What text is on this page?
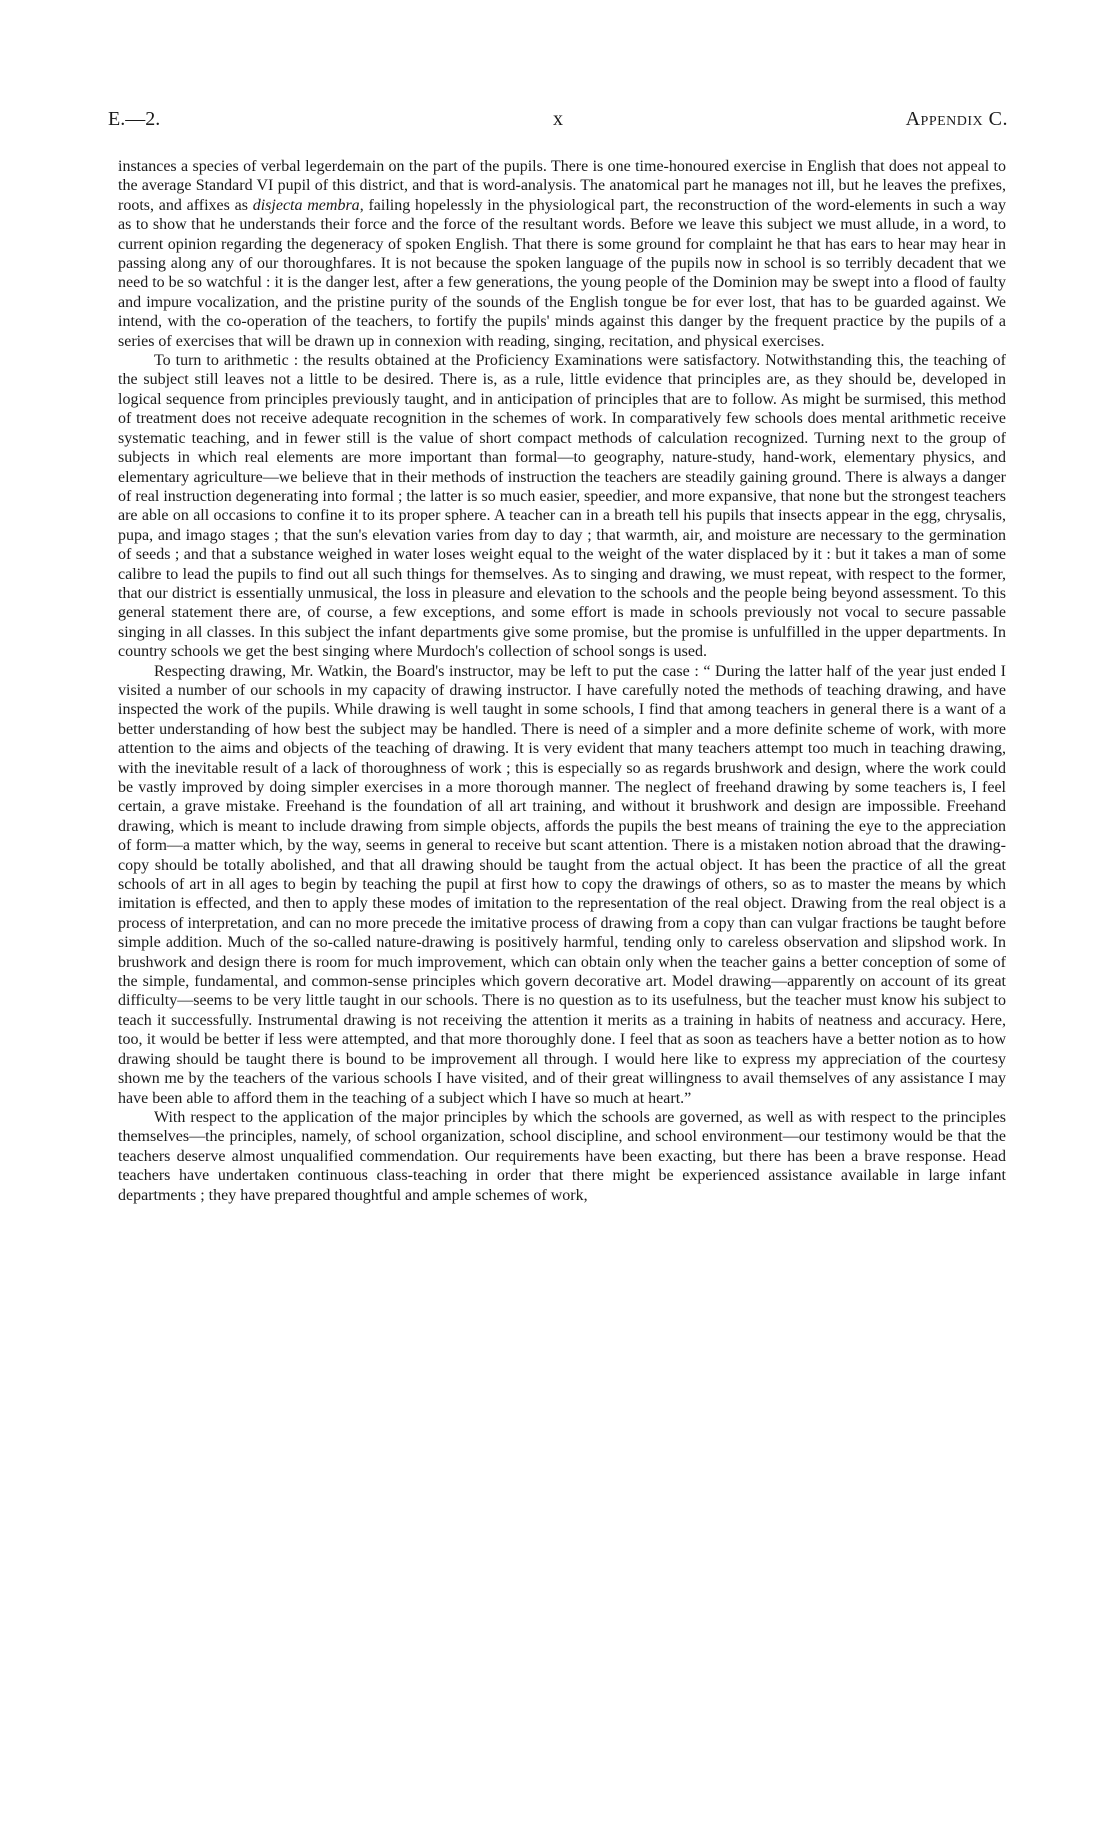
E.—2.	x	Appendix C.

instances a species of verbal legerdemain on the part of the pupils. There is one time-honoured exercise in English that does not appeal to the average Standard VI pupil of this district, and that is word-analysis. The anatomical part he manages not ill, but he leaves the prefixes, roots, and affixes as disjecta membra, failing hopelessly in the physiological part, the reconstruction of the word-elements in such a way as to show that he understands their force and the force of the resultant words. Before we leave this subject we must allude, in a word, to current opinion regarding the degeneracy of spoken English. That there is some ground for complaint he that has ears to hear may hear in passing along any of our thoroughfares. It is not because the spoken language of the pupils now in school is so terribly decadent that we need to be so watchful : it is the danger lest, after a few generations, the young people of the Dominion may be swept into a flood of faulty and impure vocalization, and the pristine purity of the sounds of the English tongue be for ever lost, that has to be guarded against. We intend, with the co-operation of the teachers, to fortify the pupils' minds against this danger by the frequent practice by the pupils of a series of exercises that will be drawn up in connexion with reading, singing, recitation, and physical exercises.

To turn to arithmetic : the results obtained at the Proficiency Examinations were satisfactory. Notwithstanding this, the teaching of the subject still leaves not a little to be desired. There is, as a rule, little evidence that principles are, as they should be, developed in logical sequence from principles previously taught, and in anticipation of principles that are to follow. As might be surmised, this method of treatment does not receive adequate recognition in the schemes of work. In comparatively few schools does mental arithmetic receive systematic teaching, and in fewer still is the value of short compact methods of calculation recognized. Turning next to the group of subjects in which real elements are more important than formal—to geography, nature-study, hand-work, elementary physics, and elementary agriculture—we believe that in their methods of instruction the teachers are steadily gaining ground. There is always a danger of real instruction degenerating into formal ; the latter is so much easier, speedier, and more expansive, that none but the strongest teachers are able on all occasions to confine it to its proper sphere. A teacher can in a breath tell his pupils that insects appear in the egg, chrysalis, pupa, and imago stages ; that the sun's elevation varies from day to day ; that warmth, air, and moisture are necessary to the germination of seeds ; and that a substance weighed in water loses weight equal to the weight of the water displaced by it : but it takes a man of some calibre to lead the pupils to find out all such things for themselves. As to singing and drawing, we must repeat, with respect to the former, that our district is essentially unmusical, the loss in pleasure and elevation to the schools and the people being beyond assessment. To this general statement there are, of course, a few exceptions, and some effort is made in schools previously not vocal to secure passable singing in all classes. In this subject the infant departments give some promise, but the promise is unfulfilled in the upper departments. In country schools we get the best singing where Murdoch's collection of school songs is used.

Respecting drawing, Mr. Watkin, the Board's instructor, may be left to put the case : “ During the latter half of the year just ended I visited a number of our schools in my capacity of drawing instructor. I have carefully noted the methods of teaching drawing, and have inspected the work of the pupils. While drawing is well taught in some schools, I find that among teachers in general there is a want of a better understanding of how best the subject may be handled. There is need of a simpler and a more definite scheme of work, with more attention to the aims and objects of the teaching of drawing. It is very evident that many teachers attempt too much in teaching drawing, with the inevitable result of a lack of thoroughness of work ; this is especially so as regards brushwork and design, where the work could be vastly improved by doing simpler exercises in a more thorough manner. The neglect of freehand drawing by some teachers is, I feel certain, a grave mistake. Freehand is the foundation of all art training, and without it brushwork and design are impossible. Freehand drawing, which is meant to include drawing from simple objects, affords the pupils the best means of training the eye to the appreciation of form—a matter which, by the way, seems in general to receive but scant attention. There is a mistaken notion abroad that the drawing-copy should be totally abolished, and that all drawing should be taught from the actual object. It has been the practice of all the great schools of art in all ages to begin by teaching the pupil at first how to copy the drawings of others, so as to master the means by which imitation is effected, and then to apply these modes of imitation to the representation of the real object. Drawing from the real object is a process of interpretation, and can no more precede the imitative process of drawing from a copy than can vulgar fractions be taught before simple addition. Much of the so-called nature-drawing is positively harmful, tending only to careless observation and slipshod work. In brushwork and design there is room for much improvement, which can obtain only when the teacher gains a better conception of some of the simple, fundamental, and common-sense principles which govern decorative art. Model drawing—apparently on account of its great difficulty—seems to be very little taught in our schools. There is no question as to its usefulness, but the teacher must know his subject to teach it successfully. Instrumental drawing is not receiving the attention it merits as a training in habits of neatness and accuracy. Here, too, it would be better if less were attempted, and that more thoroughly done. I feel that as soon as teachers have a better notion as to how drawing should be taught there is bound to be improvement all through. I would here like to express my appreciation of the courtesy shown me by the teachers of the various schools I have visited, and of their great willingness to avail themselves of any assistance I may have been able to afford them in the teaching of a subject which I have so much at heart.”

With respect to the application of the major principles by which the schools are governed, as well as with respect to the principles themselves—the principles, namely, of school organization, school discipline, and school environment—our testimony would be that the teachers deserve almost unqualified commendation. Our requirements have been exacting, but there has been a brave response. Head teachers have undertaken continuous class-teaching in order that there might be experienced assistance available in large infant departments ; they have prepared thoughtful and ample schemes of work,
